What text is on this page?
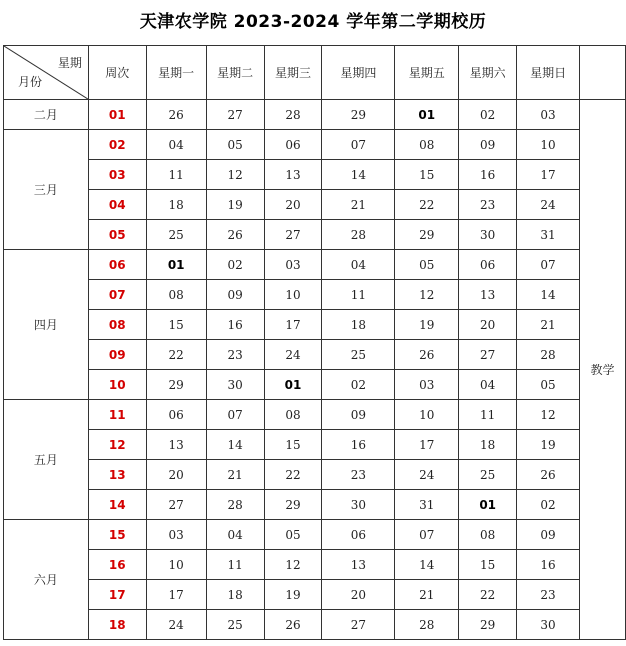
天津农学院 2023-2024 学年第二学期校历
星期
月份	周次	星期一	星期二	星期三	星期四	星期五	星期六	星期日	
二月	01	26	27	28	29	01	02	03	教学
三月	02	04	05	06	07	08	09	10	
	03	11	12	13	14	15	16	17	
	04	18	19	20	21	22	23	24	
	05	25	26	27	28	29	30	31	
四月	06	01	02	03	04	05	06	07	
	07	08	09	10	11	12	13	14	
	08	15	16	17	18	19	20	21	
	09	22	23	24	25	26	27	28	
	10	29	30	01	02	03	04	05	
五月	11	06	07	08	09	10	11	12	
	12	13	14	15	16	17	18	19	
	13	20	21	22	23	24	25	26	
	14	27	28	29	30	31	01	02	
六月	15	03	04	05	06	07	08	09	
	16	10	11	12	13	14	15	16	
	17	17	18	19	20	21	22	23	
	18	24	25	26	27	28	29	30	
